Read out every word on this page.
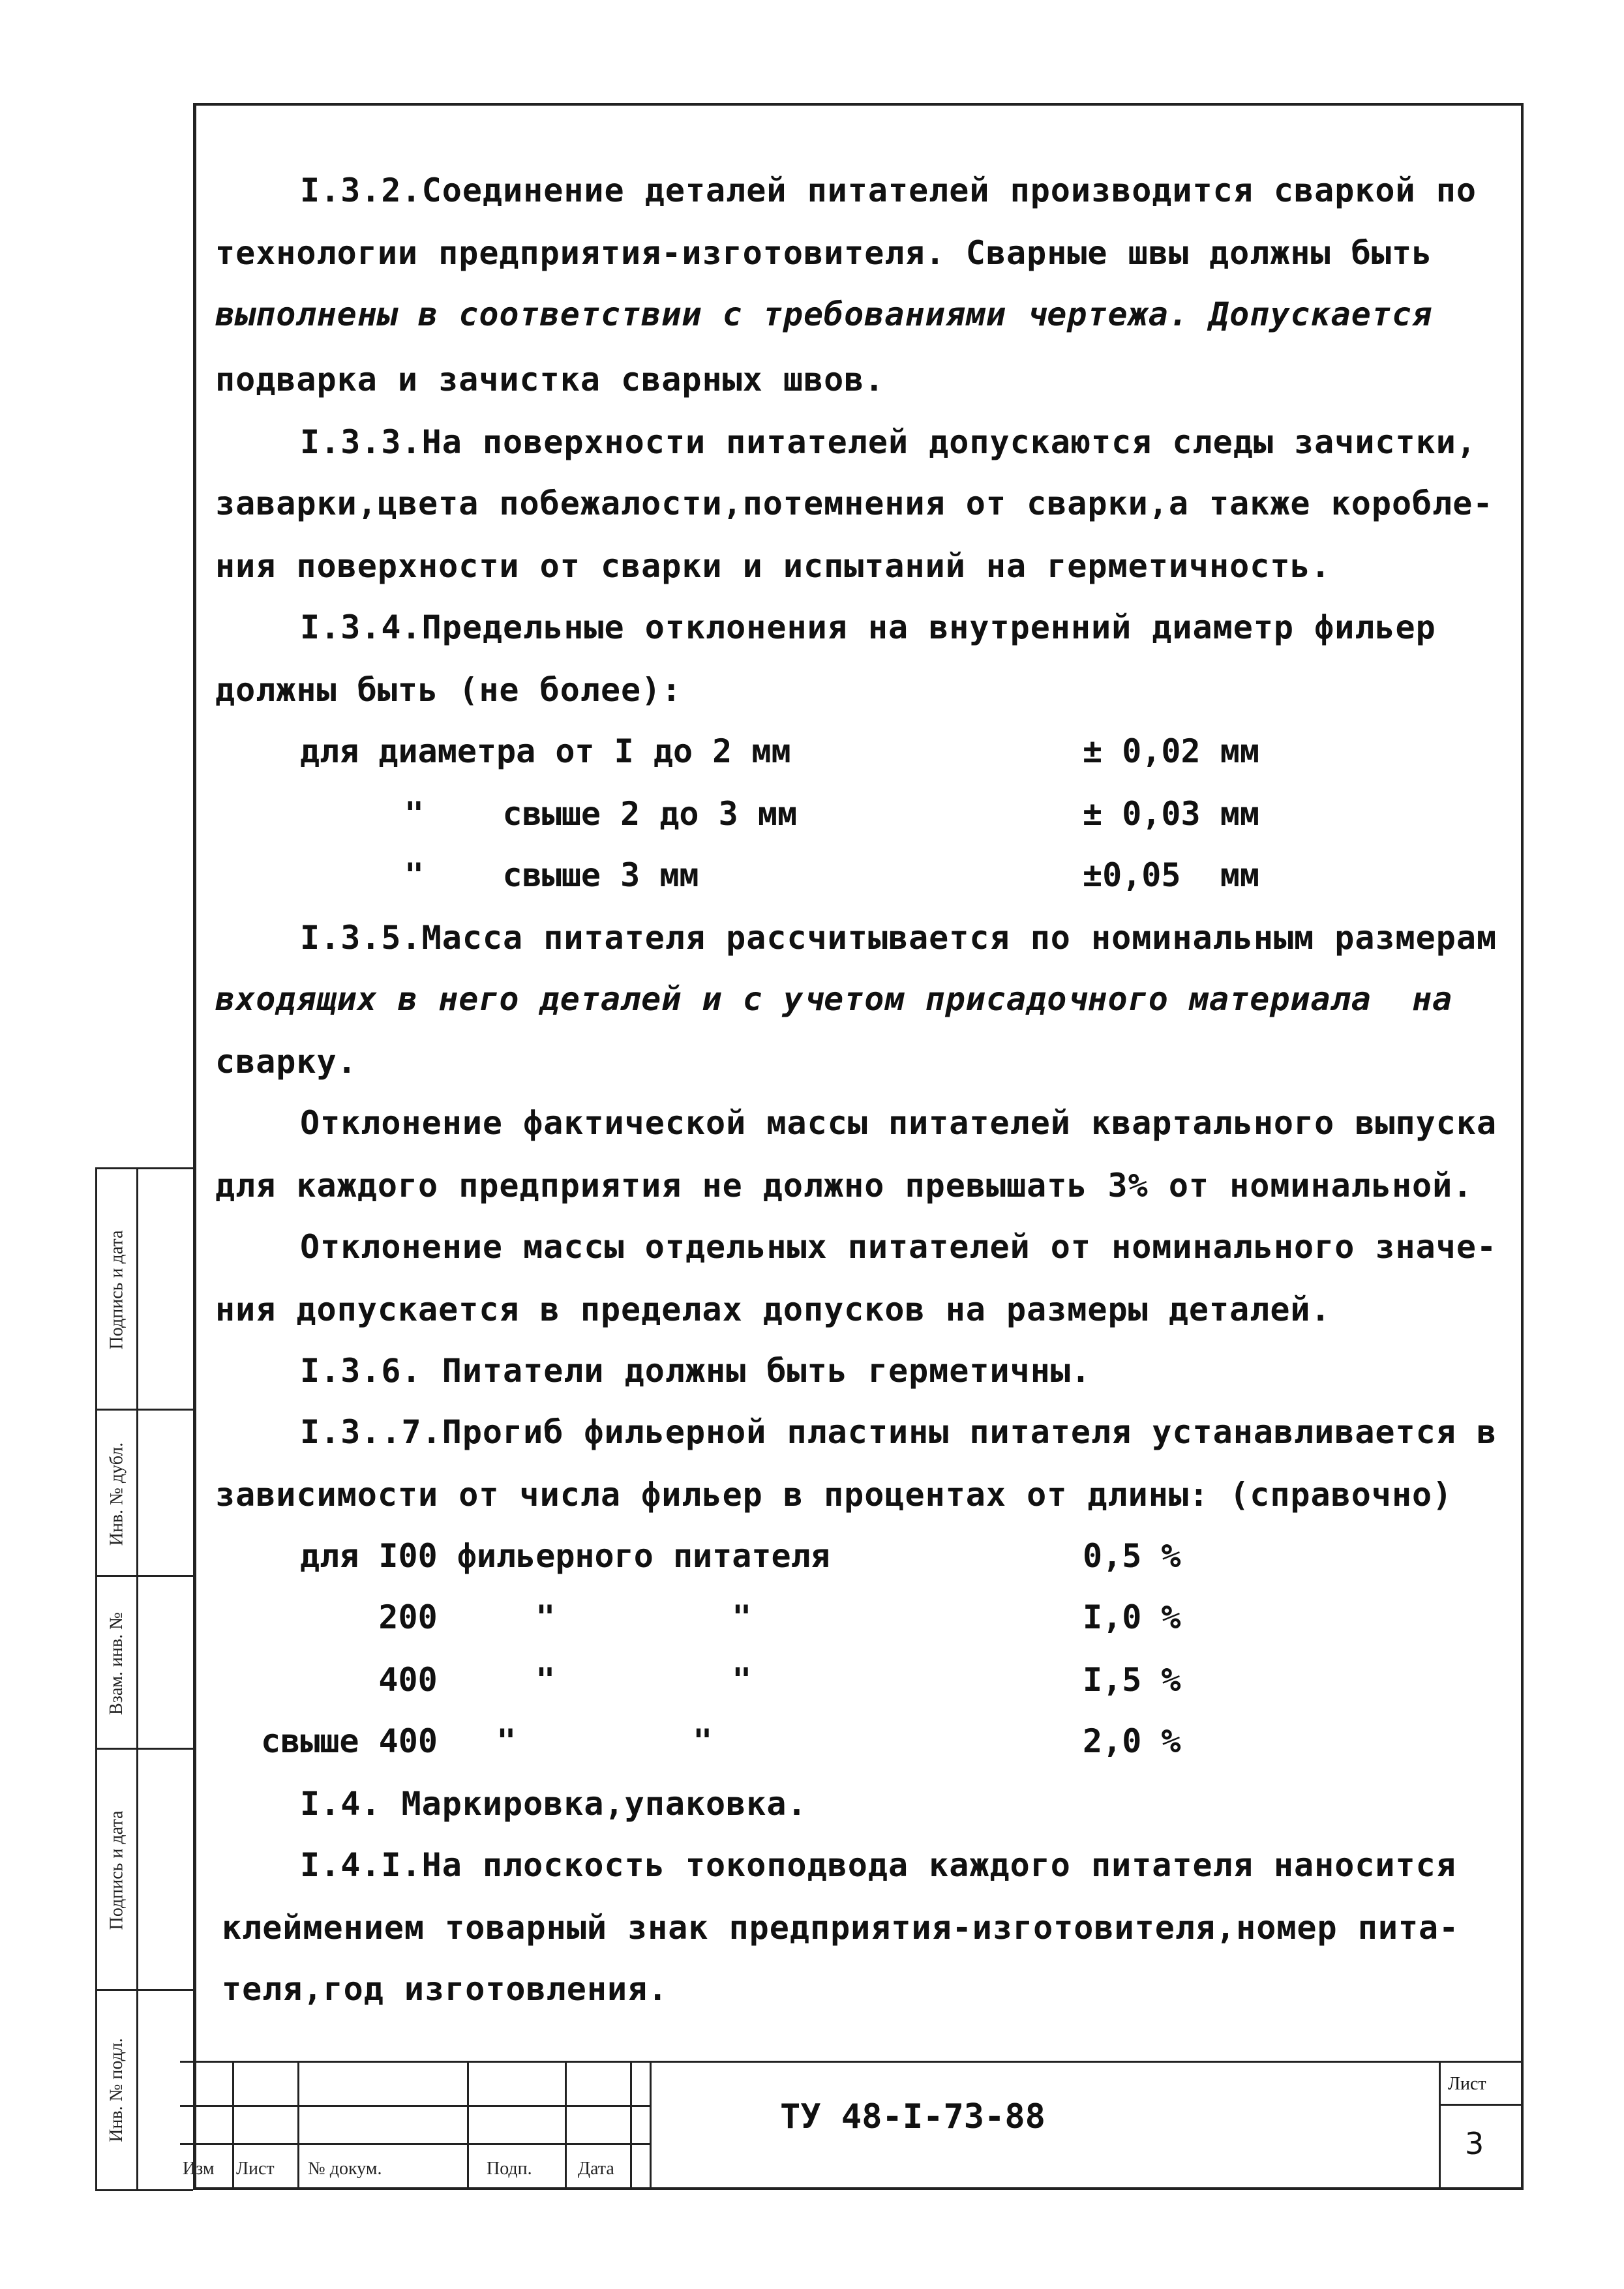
I.3.2.Соединение деталей питателей производится сваркой по
технологии предприятия-изготовителя. Сварные швы должны быть
выполнены в соответствии с требованиями чертежа. Допускается
подварка и зачистка сварных швов.
I.3.3.На поверхности питателей допускаются следы зачистки,
заварки,цвета побежалости,потемнения от сварки,а также коробле-
ния поверхности от сварки и испытаний на герметичность.
I.3.4.Предельные отклонения на внутренний диаметр фильер
должны быть (не более):
для диаметра от I до 2 мм	± 0,02 мм
"    свыше 2 до 3 мм	± 0,03 мм
"    свыше 3 мм	±0,05  мм
I.3.5.Масса питателя рассчитывается по номинальным размерам
входящих в него деталей и с учетом присадочного материала  на
сварку.
Отклонение фактической массы питателей квартального выпуска
для каждого предприятия не должно превышать 3% от номинальной.
Отклонение массы отдельных питателей от номинального значе-
ния допускается в пределах допусков на размеры деталей.
I.3.6. Питатели должны быть герметичны.
I.3..7.Прогиб фильерной пластины питателя устанавливается в
зависимости от числа фильер в процентах от длины: (справочно)
для I00 фильерного питателя	0,5 %
200     "         "	I,0 %
400     "         "	I,5 %
свыше 400   "         "	2,0 %
I.4. Маркировка,упаковка.
I.4.I.На плоскость токоподвода каждого питателя наносится
клеймением товарный знак предприятия-изготовителя,номер пита-
теля,год изготовления.
Подпись и дата
Инв. № дубл.
Взам. инв. №
Подпись и дата
Инв. № подл.
Изм Лист № докум.	Подп.	Дата
ТУ 48-I-73-88
Лист
3
